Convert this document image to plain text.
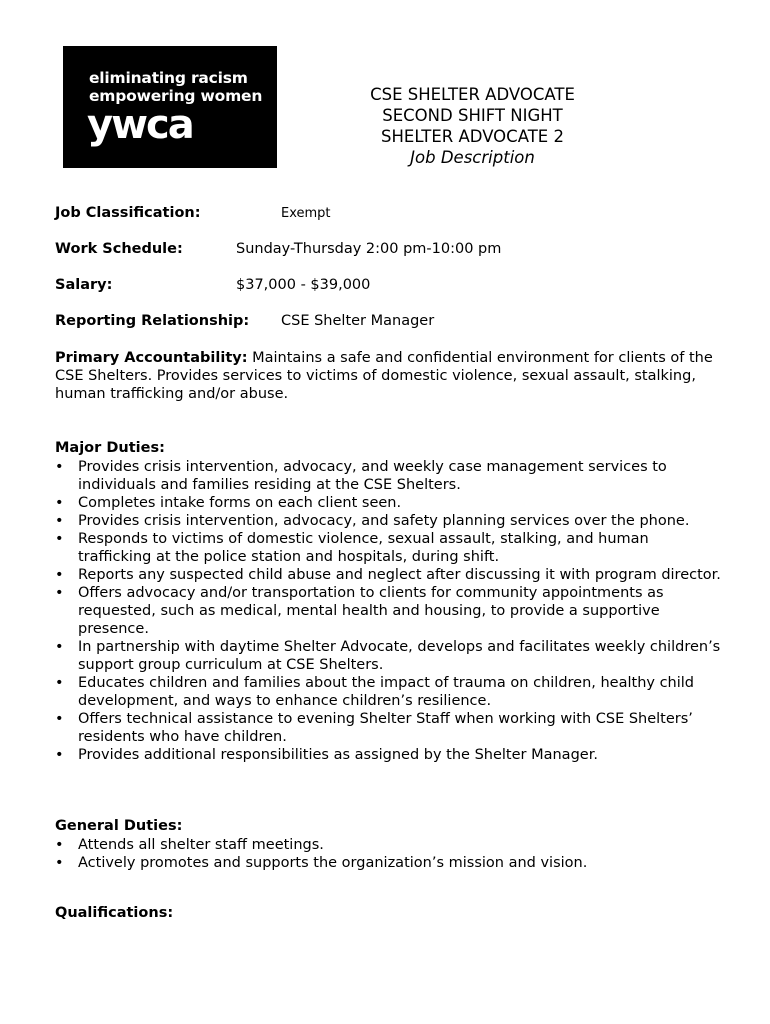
eliminating racism
empowering women
ywca
CSE SHELTER ADVOCATE
SECOND SHIFT NIGHT
SHELTER ADVOCATE 2
Job Description
Job Classification:	Exempt
Work Schedule:	Sunday-Thursday 2:00 pm-10:00 pm
Salary:	$37,000 - $39,000
Reporting Relationship: CSE Shelter Manager
Primary Accountability: Maintains a safe and confidential environment for clients of the CSE Shelters. Provides services to victims of domestic violence, sexual assault, stalking, human trafficking and/or abuse.
Major Duties:
• Provides crisis intervention, advocacy, and weekly case management services to individuals and families residing at the CSE Shelters.
• Completes intake forms on each client seen.
• Provides crisis intervention, advocacy, and safety planning services over the phone.
• Responds to victims of domestic violence, sexual assault, stalking, and human trafficking at the police station and hospitals, during shift.
• Reports any suspected child abuse and neglect after discussing it with program director.
• Offers advocacy and/or transportation to clients for community appointments as requested, such as medical, mental health and housing, to provide a supportive presence.
• In partnership with daytime Shelter Advocate, develops and facilitates weekly children’s support group curriculum at CSE Shelters.
• Educates children and families about the impact of trauma on children, healthy child development, and ways to enhance children’s resilience.
• Offers technical assistance to evening Shelter Staff when working with CSE Shelters’ residents who have children.
• Provides additional responsibilities as assigned by the Shelter Manager.
General Duties:
• Attends all shelter staff meetings.
• Actively promotes and supports the organization’s mission and vision.
Qualifications:
